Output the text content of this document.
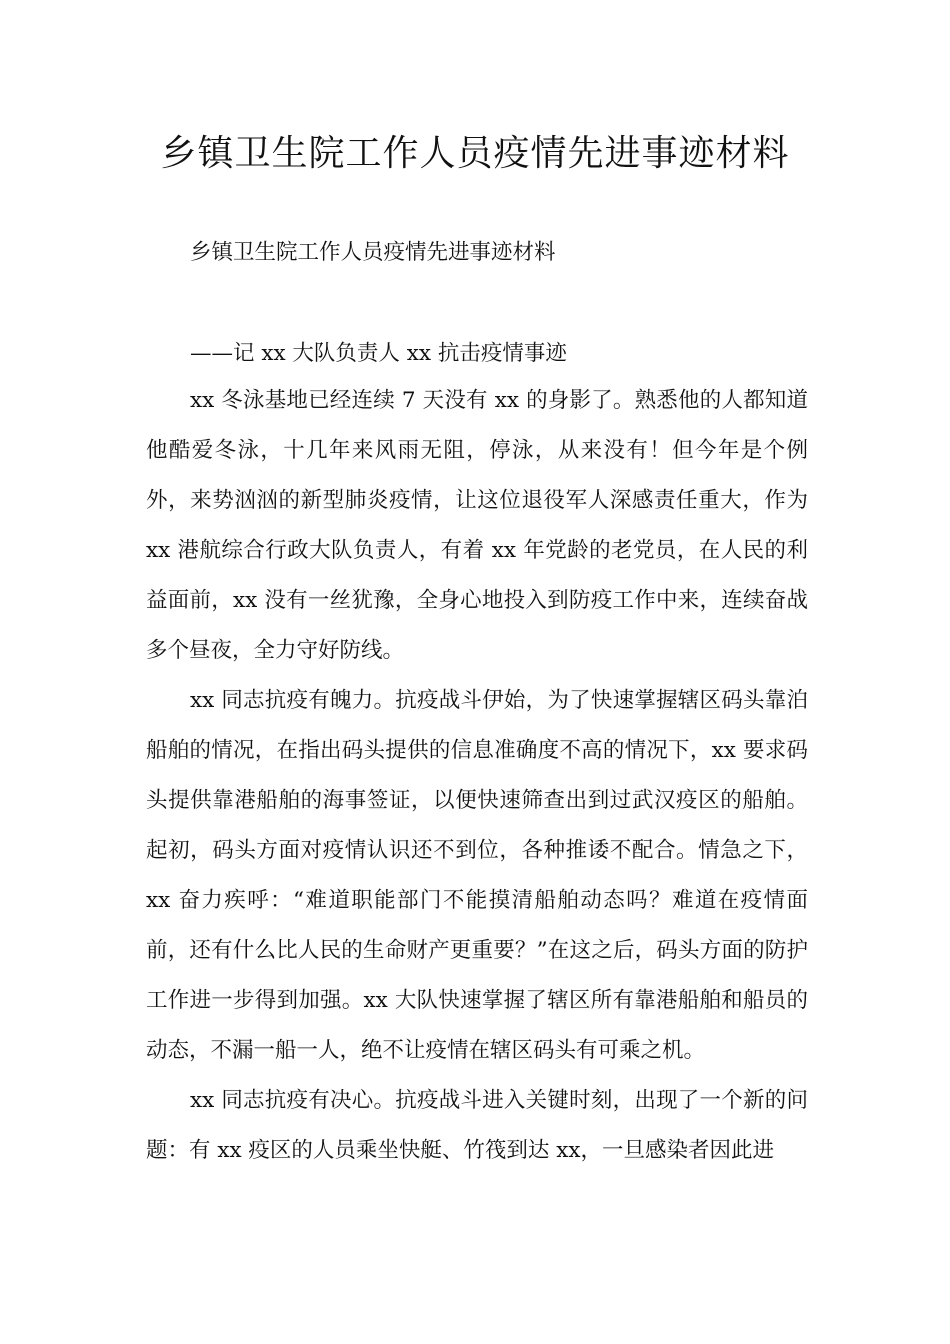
乡镇卫生院工作人员疫情先进事迹材料

乡镇卫生院工作人员疫情先进事迹材料

——记 xx 大队负责人 xx 抗击疫情事迹

xx 冬泳基地已经连续 7 天没有 xx 的身影了。熟悉他的人都知道他酷爱冬泳，十几年来风雨无阻，停泳，从来没有！但今年是个例外，来势汹汹的新型肺炎疫情，让这位退役军人深感责任重大，作为 xx 港航综合行政大队负责人，有着 xx 年党龄的老党员，在人民的利益面前，xx 没有一丝犹豫，全身心地投入到防疫工作中来，连续奋战多个昼夜，全力守好防线。

xx 同志抗疫有魄力。抗疫战斗伊始，为了快速掌握辖区码头靠泊船舶的情况，在指出码头提供的信息准确度不高的情况下，xx 要求码头提供靠港船舶的海事签证，以便快速筛查出到过武汉疫区的船舶。起初，码头方面对疫情认识还不到位，各种推诿不配合。情急之下，xx 奋力疾呼：“难道职能部门不能摸清船舶动态吗？难道在疫情面前，还有什么比人民的生命财产更重要？”在这之后，码头方面的防护工作进一步得到加强。xx 大队快速掌握了辖区所有靠港船舶和船员的动态，不漏一船一人，绝不让疫情在辖区码头有可乘之机。

xx 同志抗疫有决心。抗疫战斗进入关键时刻，出现了一个新的问题：有 xx 疫区的人员乘坐快艇、竹筏到达 xx，一旦感染者因此进
